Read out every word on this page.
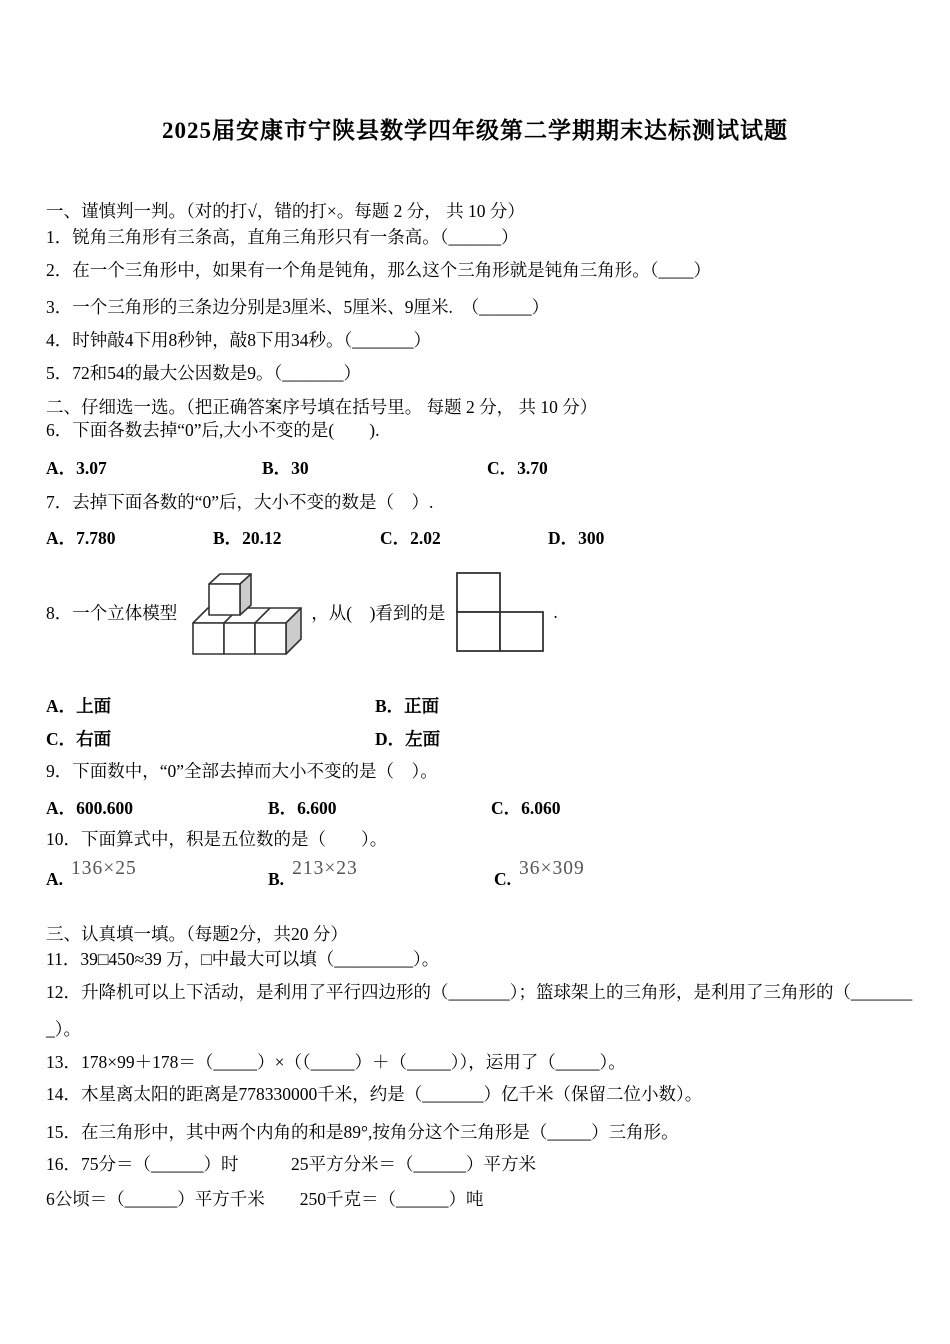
2025届安康市宁陕县数学四年级第二学期期末达标测试试题
一、谨慎判一判。（对的打√，错的打×。每题 2 分， 共 10 分）
1．锐角三角形有三条高，直角三角形只有一条高。（______）
2．在一个三角形中，如果有一个角是钝角，那么这个三角形就是钝角三角形。（____）
3．一个三角形的三条边分别是3厘米、5厘米、9厘米.　（______）
4．时钟敲4下用8秒钟，敲8下用34秒。（_______）
5．72和54的最大公因数是9。（_______）
二、仔细选一选。（把正确答案序号填在括号里。 每题 2 分， 共 10 分）
6．下面各数去掉“0”后,大小不变的是(　　).
A．3.07	B．30	C．3.70
7．去掉下面各数的“0”后，大小不变的数是（　）.
A．7.780	B．20.12	C．2.02	D．300
8．一个立体模型	，从(　)看到的是	.
A．上面	B．正面
C．右面	D．左面
9．下面数中，“0”全部去掉而大小不变的是（　）。
A．600.600	B．6.600	C．6.060
10．下面算式中，积是五位数的是（　　）。
A. 136×25	B. 213×23	C. 36×309
三、认真填一填。（每题2分，共20 分）
11．39□450≈39 万，□中最大可以填（_________）。
12．升降机可以上下活动，是利用了平行四边形的（_______）；篮球架上的三角形，是利用了三角形的（_______
_）。
13．178×99＋178＝（_____）×（（_____）＋（_____）），运用了（_____）。
14．木星离太阳的距离是778330000千米，约是（_______）亿千米（保留二位小数）。
15．在三角形中，其中两个内角的和是89°,按角分这个三角形是（_____）三角形。
16．75分＝（______）时　　　25平方分米＝（______）平方米
6公顷＝（______）平方千米　　250千克＝（______）吨
